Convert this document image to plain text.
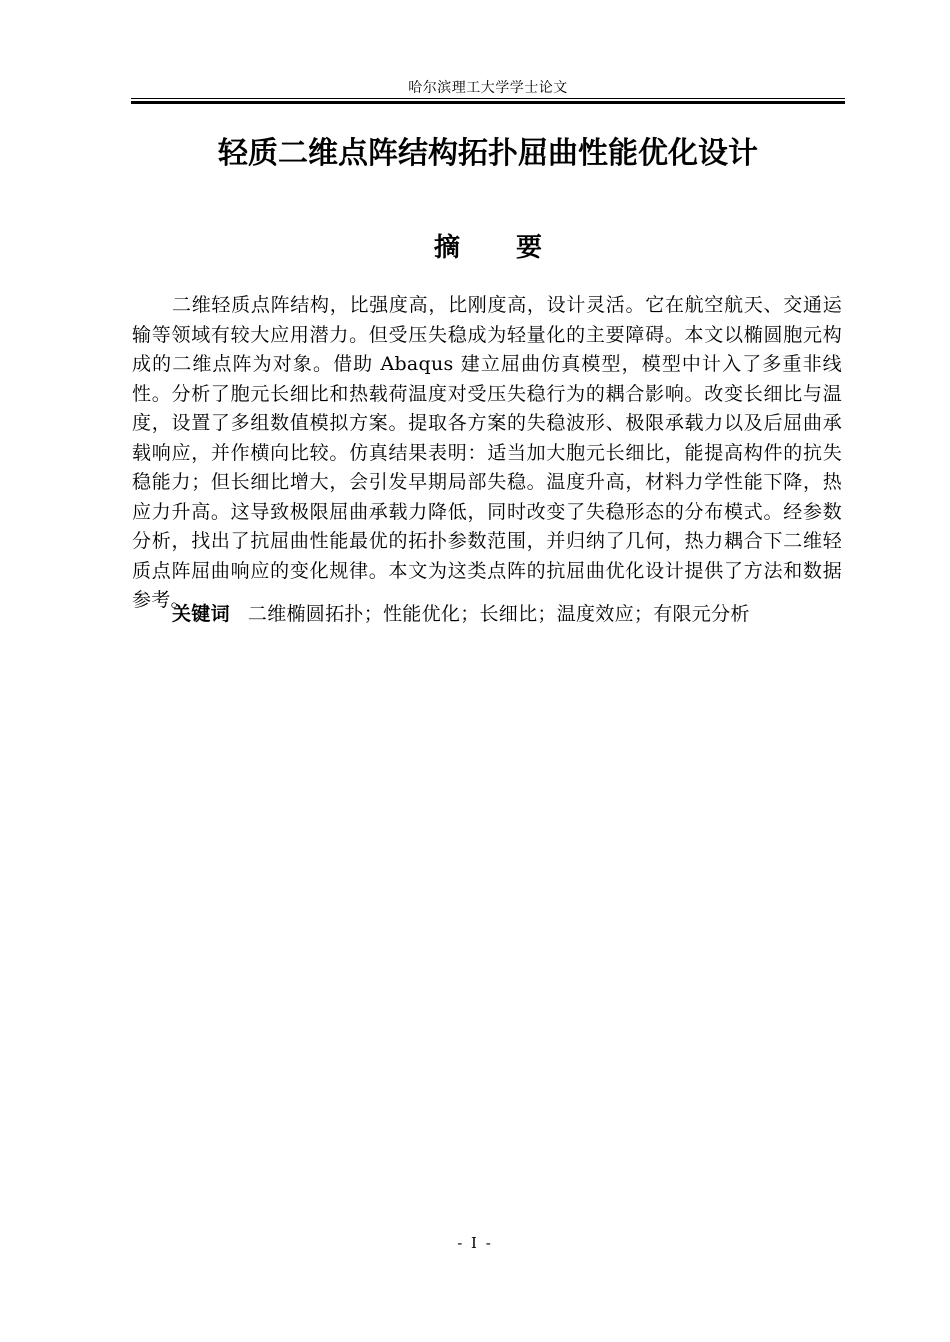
哈尔滨理工大学学士论文
轻质二维点阵结构拓扑屈曲性能优化设计
摘 要

二维轻质点阵结构，比强度高，比刚度高，设计灵活。它在航空航天、交通运输等领域有较大应用潜力。但受压失稳成为轻量化的主要障碍。本文以椭圆胞元构成的二维点阵为对象。借助 Abaqus 建立屈曲仿真模型，模型中计入了多重非线性。分析了胞元长细比和热载荷温度对受压失稳行为的耦合影响。改变长细比与温度，设置了多组数值模拟方案。提取各方案的失稳波形、极限承载力以及后屈曲承载响应，并作横向比较。仿真结果表明：适当加大胞元长细比，能提高构件的抗失稳能力；但长细比增大，会引发早期局部失稳。温度升高，材料力学性能下降，热应力升高。这导致极限屈曲承载力降低，同时改变了失稳形态的分布模式。经参数分析，找出了抗屈曲性能最优的拓扑参数范围，并归纳了几何，热力耦合下二维轻质点阵屈曲响应的变化规律。本文为这类点阵的抗屈曲优化设计提供了方法和数据参考。

关键词 二维椭圆拓扑；性能优化；长细比；温度效应；有限元分析
- I -
